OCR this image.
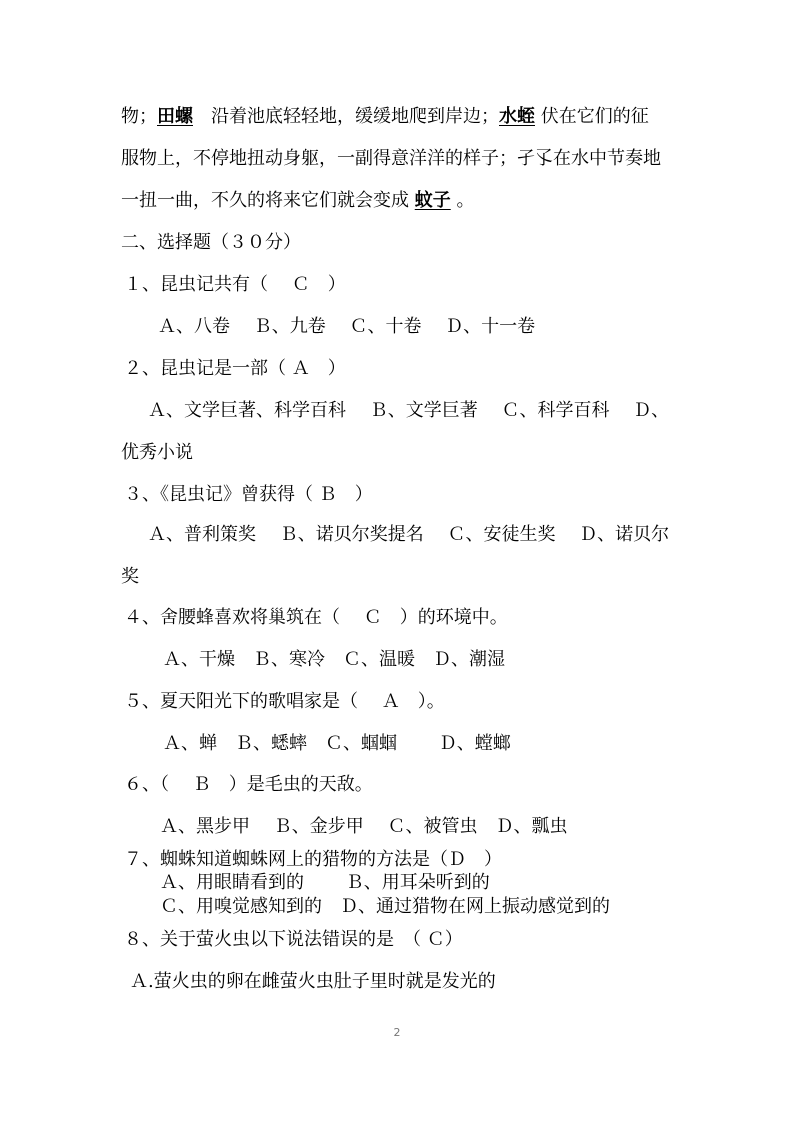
物；田螺　沿着池底轻轻地，缓缓地爬到岸边；水蛭 伏在它们的征
服物上，不停地扭动身躯，一副得意洋洋的样子；孑孓在水中节奏地
一扭一曲，不久的将来它们就会变成 蚊子 。
二、选择题（３０分）
１、昆虫记共有（　 Ｃ　）
Ａ、八卷　 Ｂ、九卷　 Ｃ、十卷　 Ｄ、十一卷
２、昆虫记是一部（ Ａ　）
Ａ、文学巨著、科学百科　 Ｂ、文学巨著　 Ｃ、科学百科　 Ｄ、
优秀小说
３、《昆虫记》曾获得（ Ｂ　）
Ａ、普利策奖　 Ｂ、诺贝尔奖提名　 Ｃ、安徒生奖　 Ｄ、诺贝尔
奖
４、舍腰蜂喜欢将巢筑在（　 Ｃ　）的环境中。
Ａ、干燥　Ｂ、寒冷　Ｃ、温暖　Ｄ、潮湿
５、夏天阳光下的歌唱家是（　 Ａ　）。
Ａ、蝉　Ｂ、蟋蟀　Ｃ、蝈蝈　　 Ｄ、螳螂
６、（　 Ｂ　）是毛虫的天敌。
Ａ、黑步甲　 Ｂ、金步甲　 Ｃ、被管虫　Ｄ、瓢虫
７、蜘蛛知道蜘蛛网上的猎物的方法是（Ｄ　）
Ａ、用眼睛看到的　　 Ｂ、用耳朵听到的
Ｃ、用嗅觉感知到的　Ｄ、通过猎物在网上振动感觉到的
８、关于萤火虫以下说法错误的是　（ Ｃ）
Ａ.萤火虫的卵在雌萤火虫肚子里时就是发光的
2
